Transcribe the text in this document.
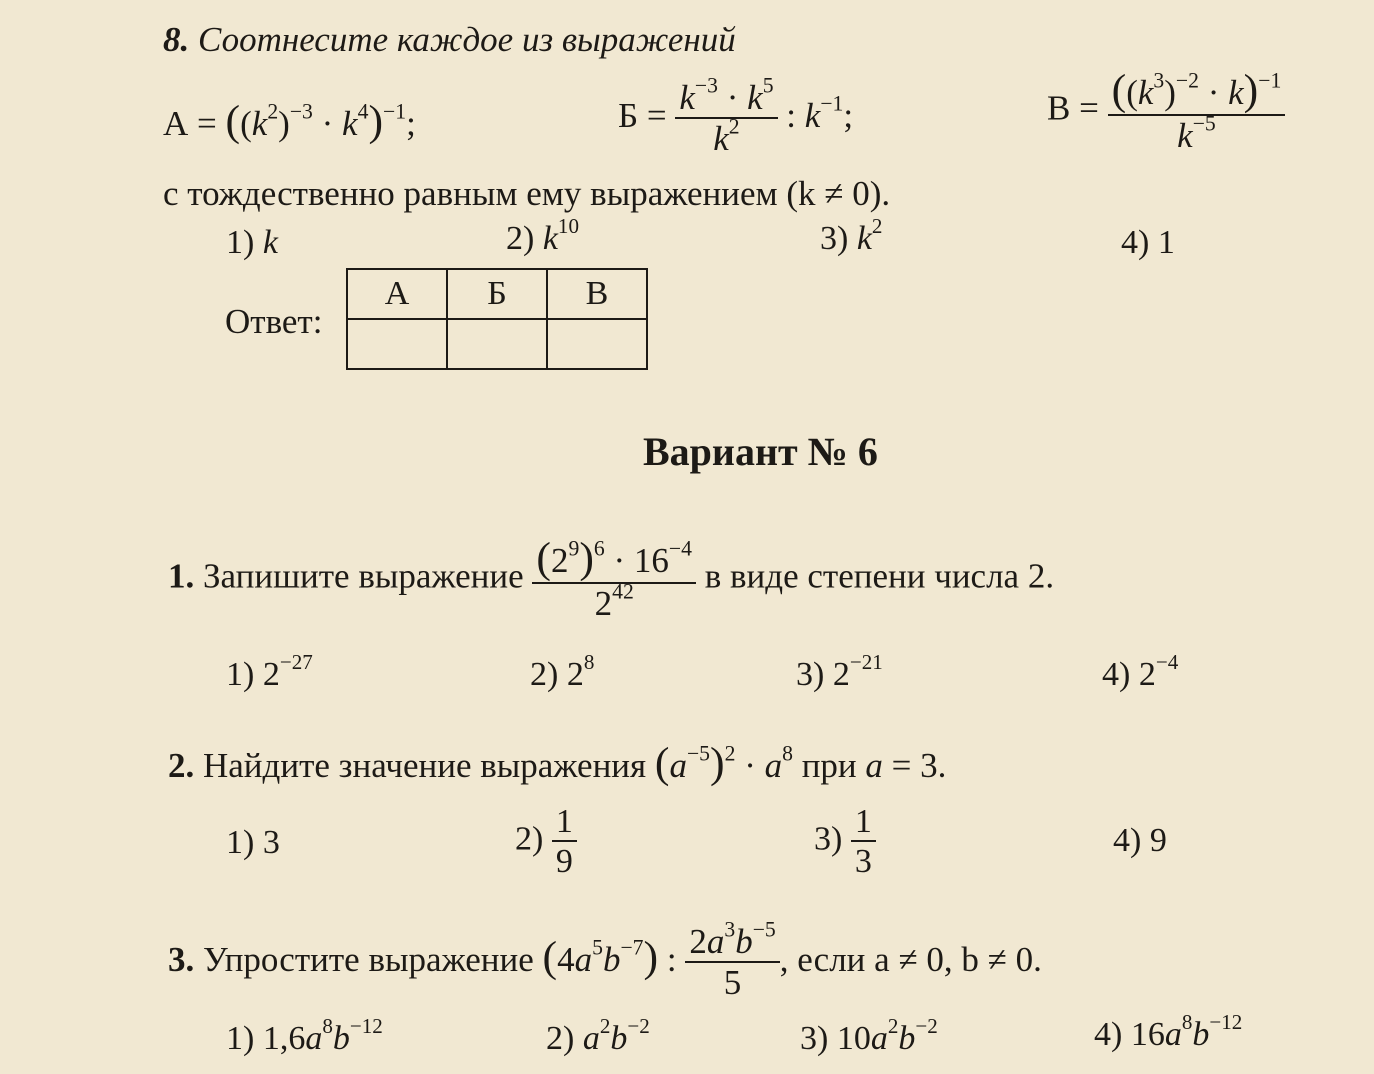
8. Соотнесите каждое из выражений
$А = ((k^2)^{-3} \cdot k^4)^{-1}$;	$Б = \frac{k^{-3} \cdot k^5}{k^2}$ : $k^{-1}$;	$В = \frac{((k^3)^{-2} \cdot k)^{-1}}{k^{-5}}$
с тождественно равным ему выражением (k ≠ 0).
1) k	2) $k^{10}$	3) $k^2$	4) 1
Ответ:
А	Б	В

Вариант № 6
1. Запишите выражение $\frac{(2^9)^6 \cdot 16^{-4}}{2^{42}}$ в виде степени числа 2.
1) $2^{-27}$	2) $2^8$	3) $2^{-21}$	4) $2^{-4}$
2. Найдите значение выражения $(a^{-5})^2 \cdot a^8$ при a = 3.
1) 3	$2) \frac{1}{9}$	$3) \frac{1}{3}$	4) 9
3. Упростите выражение $(4a^5b^{-7})$ : $\frac{2a^3b^{-5}}{5}$ , если a ≠ 0, b ≠ 0.
1) $1,6a^8b^{-12}$	2) $a^2b^{-2}$	3) $10a^2b^{-2}$	4) $16a^8b^{-12}$
